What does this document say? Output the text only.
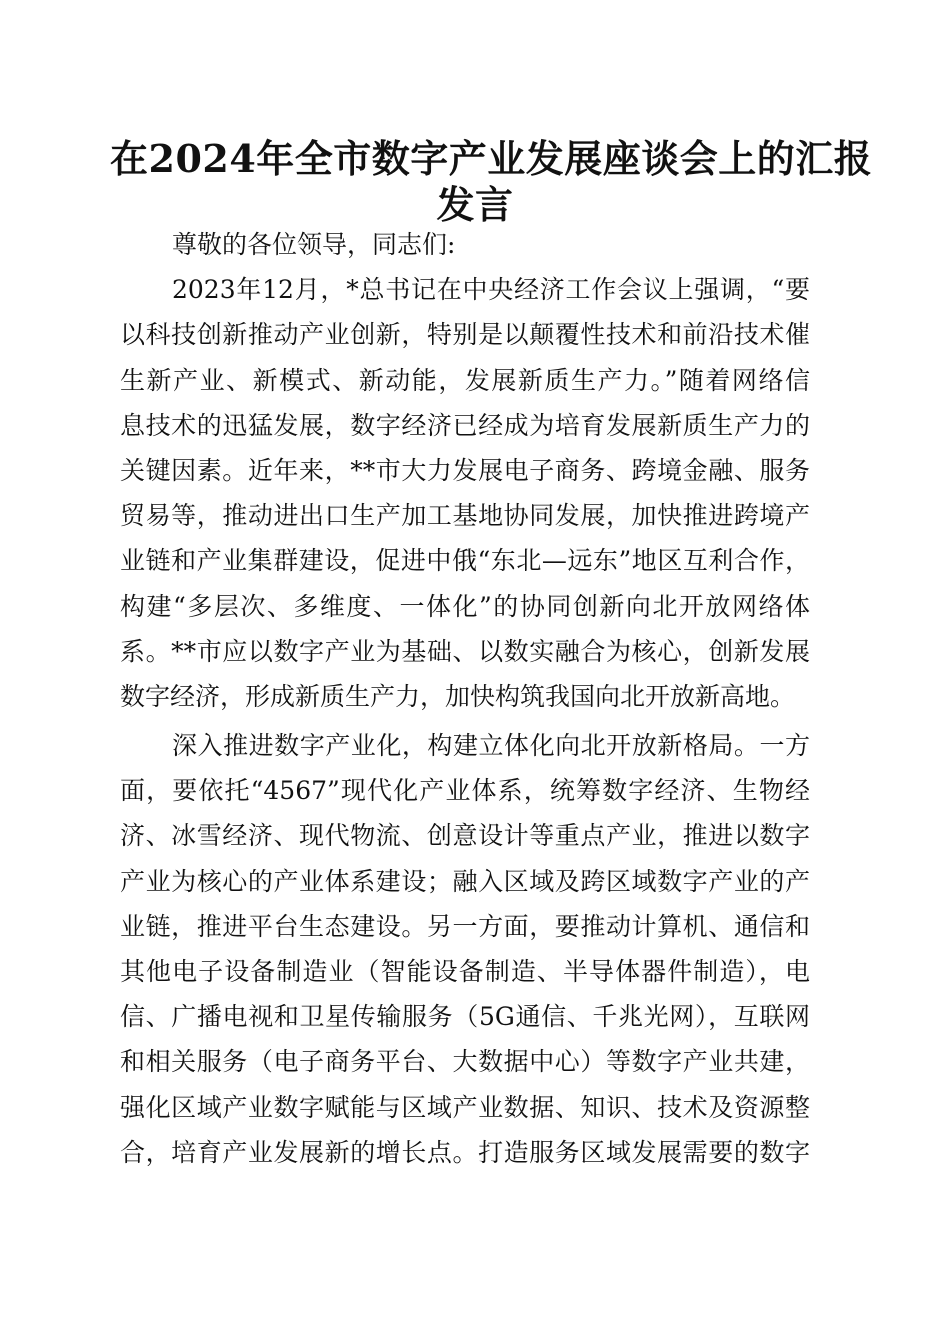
在2024年全市数字产业发展座谈会上的汇报
发言
尊敬的各位领导，同志们:
2023年12月，*总书记在中央经济工作会议上强调，“要
以科技创新推动产业创新，特别是以颠覆性技术和前沿技术催
生新产业、新模式、新动能，发展新质生产力。”随着网络信
息技术的迅猛发展，数字经济已经成为培育发展新质生产力的
关键因素。近年来，**市大力发展电子商务、跨境金融、服务
贸易等，推动进出口生产加工基地协同发展，加快推进跨境产
业链和产业集群建设，促进中俄“东北—远东”地区互利合作，
构建“多层次、多维度、一体化”的协同创新向北开放网络体
系。**市应以数字产业为基础、以数实融合为核心，创新发展
数字经济，形成新质生产力，加快构筑我国向北开放新高地。
深入推进数字产业化，构建立体化向北开放新格局。一方
面，要依托“4567”现代化产业体系，统筹数字经济、生物经
济、冰雪经济、现代物流、创意设计等重点产业，推进以数字
产业为核心的产业体系建设；融入区域及跨区域数字产业的产
业链，推进平台生态建设。另一方面，要推动计算机、通信和
其他电子设备制造业（智能设备制造、半导体器件制造），电
信、广播电视和卫星传输服务（5G通信、千兆光网），互联网
和相关服务（电子商务平台、大数据中心）等数字产业共建，
强化区域产业数字赋能与区域产业数据、知识、技术及资源整
合，培育产业发展新的增长点。打造服务区域发展需要的数字
